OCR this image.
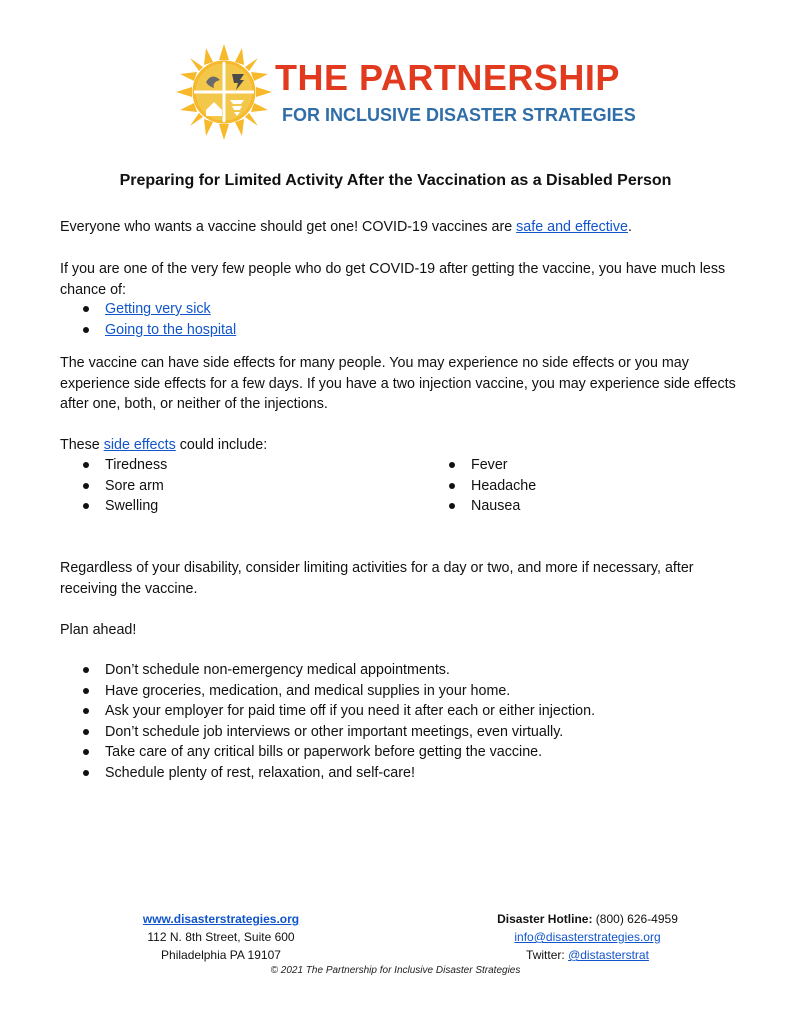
THE PARTNERSHIP
FOR INCLUSIVE DISASTER STRATEGIES
Preparing for Limited Activity After the Vaccination as a Disabled Person
Everyone who wants a vaccine should get one! COVID-19 vaccines are safe and effective.
If you are one of the very few people who do get COVID-19 after getting the vaccine, you have much less chance of:
Getting very sick
Going to the hospital
The vaccine can have side effects for many people. You may experience no side effects or you may experience side effects for a few days. If you have a two injection vaccine, you may experience side effects after one, both, or neither of the injections.
These side effects could include:
Tiredness
Sore arm
Swelling
Fever
Headache
Nausea
Regardless of your disability, consider limiting activities for a day or two, and more if necessary, after receiving the vaccine.
Plan ahead!
Don’t schedule non-emergency medical appointments.
Have groceries, medication, and medical supplies in your home.
Ask your employer for paid time off if you need it after each or either injection.
Don’t schedule job interviews or other important meetings, even virtually.
Take care of any critical bills or paperwork before getting the vaccine.
Schedule plenty of rest, relaxation, and self-care!
www.disasterstrategies.org
112 N. 8th Street, Suite 600
Philadelphia PA 19107
Disaster Hotline: (800) 626-4959
info@disasterstrategies.org
Twitter: @distasterstrat
© 2021 The Partnership for Inclusive Disaster Strategies
